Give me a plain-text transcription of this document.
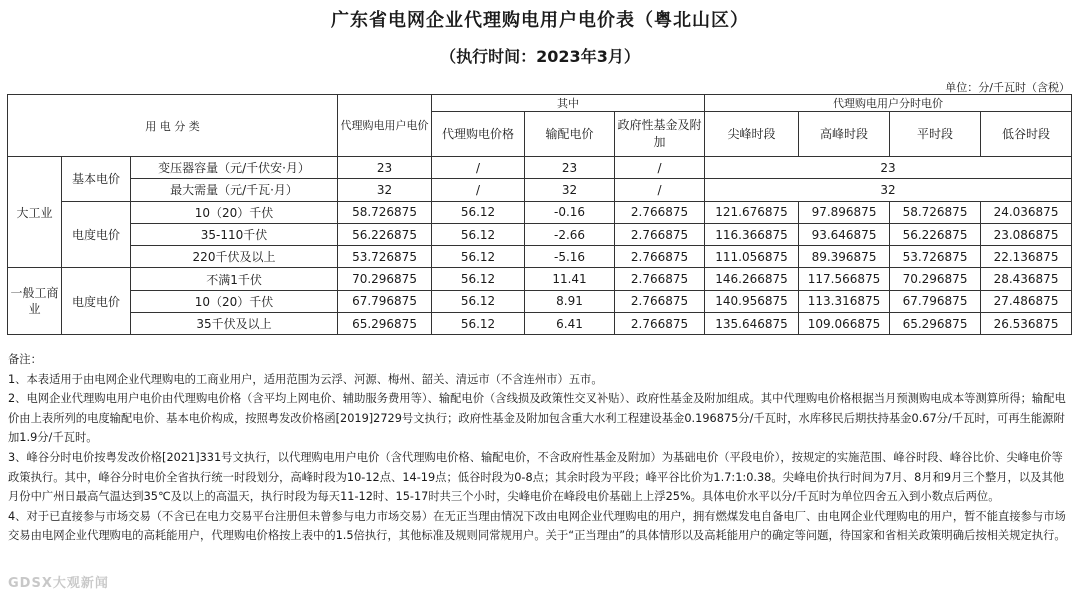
广东省电网企业代理购电用户电价表（粤北山区）
（执行时间：2023年3月）
单位：分/千瓦时（含税）
用 电 分 类			代理购电用户电价	其中			代理购电用户分时电价			
				代理购电价格	输配电价	政府性基金及附加	尖峰时段	高峰时段	平时段	低谷时段
大工业	基本电价	变压器容量（元/千伏安·月）	23	/	23	/	23			
		最大需量（元/千瓦·月）	32	/	32	/	32			
	电度电价	10（20）千伏	58.726875	56.12	-0.16	2.766875	121.676875	97.896875	58.726875	24.036875
		35-110千伏	56.226875	56.12	-2.66	2.766875	116.366875	93.646875	56.226875	23.086875
		220千伏及以上	53.726875	56.12	-5.16	2.766875	111.056875	89.396875	53.726875	22.136875
一般工商业	电度电价	不满1千伏	70.296875	56.12	11.41	2.766875	146.266875	117.566875	70.296875	28.436875
		10（20）千伏	67.796875	56.12	8.91	2.766875	140.956875	113.316875	67.796875	27.486875
		35千伏及以上	65.296875	56.12	6.41	2.766875	135.646875	109.066875	65.296875	26.536875

备注：

1、本表适用于由电网企业代理购电的工商业用户，适用范围为云浮、河源、梅州、韶关、清远市（不含连州市）五市。

2、电网企业代理购电用户电价由代理购电价格（含平均上网电价、辅助服务费用等）、输配电价（含线损及政策性交叉补贴）、政府性基金及附加组成。其中代理购电价格根据当月预测购电成本等测算所得；输配电价由上表所列的电度输配电价、基本电价构成，按照粤发改价格函[2019]2729号文执行；政府性基金及附加包含重大水利工程建设基金0.196875分/千瓦时，水库移民后期扶持基金0.67分/千瓦时，可再生能源附加1.9分/千瓦时。

3、峰谷分时电价按粤发改价格[2021]331号文执行，以代理购电用户电价（含代理购电价格、输配电价，不含政府性基金及附加）为基础电价（平段电价），按规定的实施范围、峰谷时段、峰谷比价、尖峰电价等政策执行。其中，峰谷分时电价全省执行统一时段划分，高峰时段为10-12点、14-19点；低谷时段为0-8点；其余时段为平段；峰平谷比价为1.7:1:0.38。尖峰电价执行时间为7月、8月和9月三个整月，以及其他月份中广州日最高气温达到35℃及以上的高温天，执行时段为每天11-12时、15-17时共三个小时，尖峰电价在峰段电价基础上上浮25%。具体电价水平以分/千瓦时为单位四舍五入到小数点后两位。

4、对于已直接参与市场交易（不含已在电力交易平台注册但未曾参与电力市场交易）在无正当理由情况下改由电网企业代理购电的用户，拥有燃煤发电自备电厂、由电网企业代理购电的用户，暂不能直接参与市场交易由电网企业代理购电的高耗能用户，代理购电价格按上表中的1.5倍执行，其他标准及规则同常规用户。关于“正当理由”的具体情形以及高耗能用户的确定等问题，待国家和省相关政策明确后按相关规定执行。

GDSX大观新闻
